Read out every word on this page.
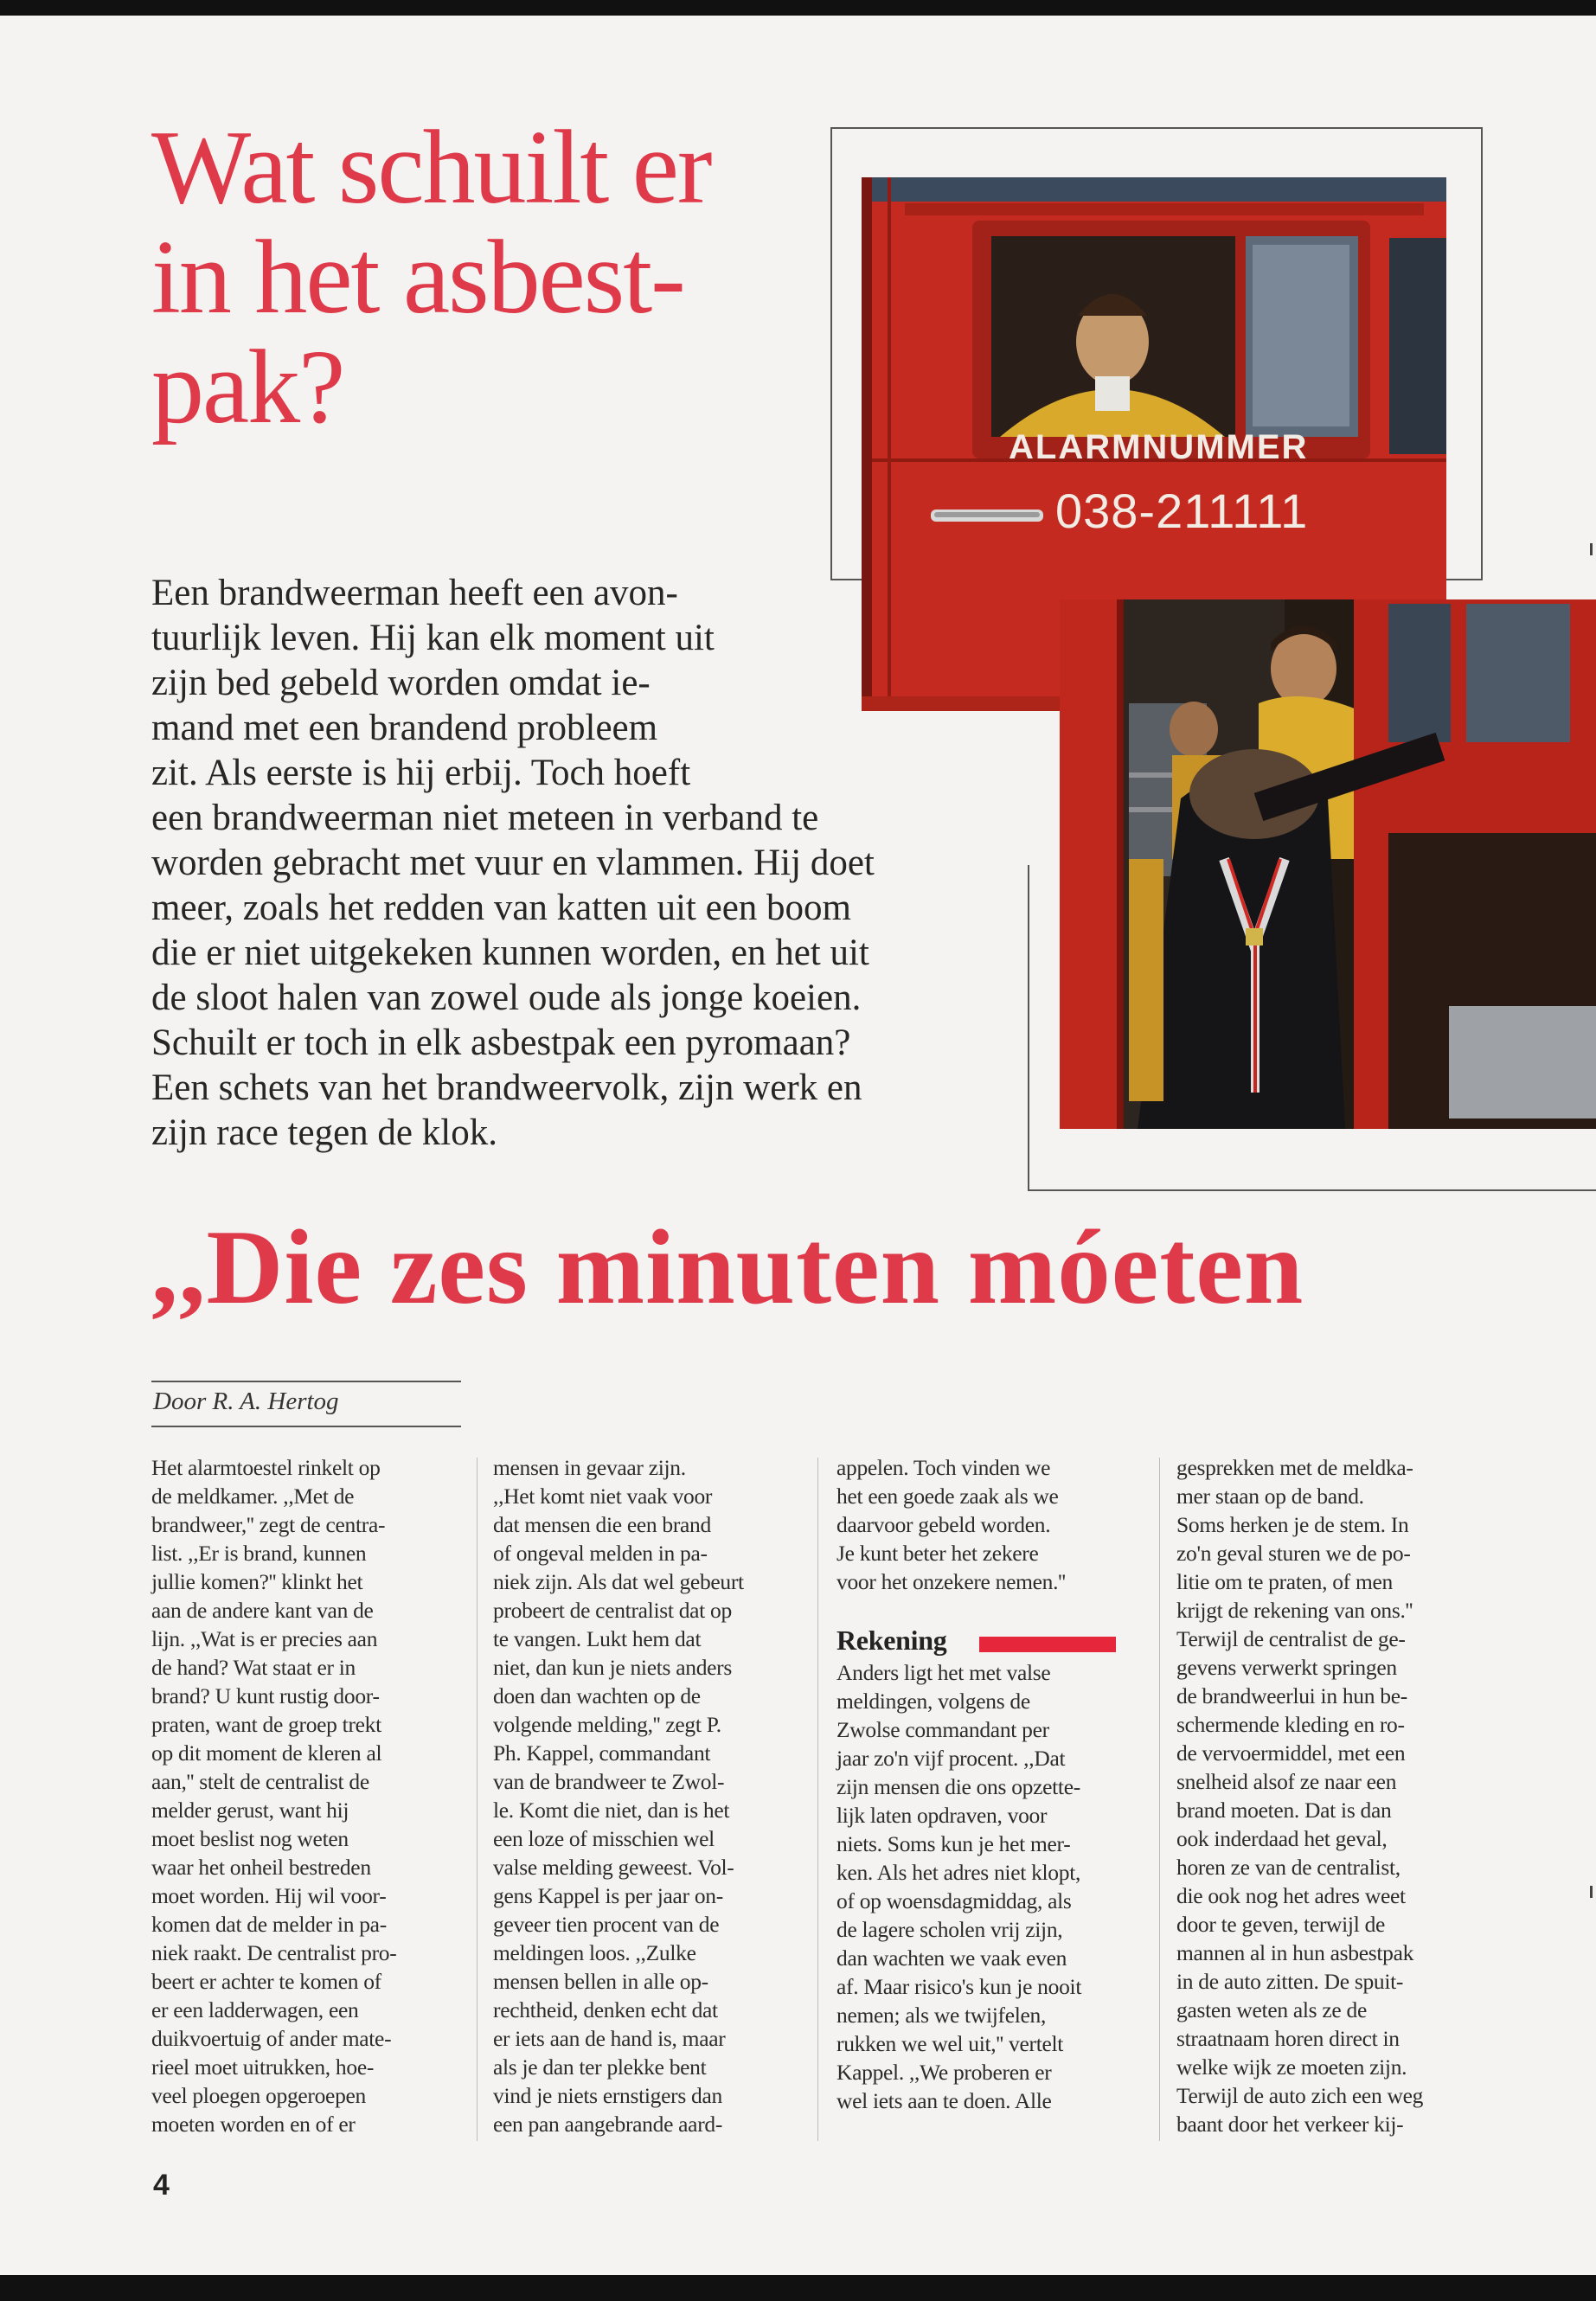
Wat schuilt er
in het asbest-
pak?
ALARMNUMMER
038-211111
Een brandweerman heeft een avon-
tuurlijk leven. Hij kan elk moment uit
zijn bed gebeld worden omdat ie-
mand met een brandend probleem
zit. Als eerste is hij erbij. Toch hoeft
een brandweerman niet meteen in verband te
worden gebracht met vuur en vlammen. Hij doet
meer, zoals het redden van katten uit een boom
die er niet uitgekeken kunnen worden, en het uit
de sloot halen van zowel oude als jonge koeien.
Schuilt er toch in elk asbestpak een pyromaan?
Een schets van het brandweervolk, zijn werk en
zijn race tegen de klok.
,,Die zes minuten móeten
Door R. A. Hertog
Het alarmtoestel rinkelt op
de meldkamer. ,,Met de
brandweer,'' zegt de centra-
list. ,,Er is brand, kunnen
jullie komen?'' klinkt het
aan de andere kant van de
lijn. ,,Wat is er precies aan
de hand? Wat staat er in
brand? U kunt rustig door-
praten, want de groep trekt
op dit moment de kleren al
aan,'' stelt de centralist de
melder gerust, want hij
moet beslist nog weten
waar het onheil bestreden
moet worden. Hij wil voor-
komen dat de melder in pa-
niek raakt. De centralist pro-
beert er achter te komen of
er een ladderwagen, een
duikvoertuig of ander mate-
rieel moet uitrukken, hoe-
veel ploegen opgeroepen
moeten worden en of er
mensen in gevaar zijn.
,,Het komt niet vaak voor
dat mensen die een brand
of ongeval melden in pa-
niek zijn. Als dat wel gebeurt
probeert de centralist dat op
te vangen. Lukt hem dat
niet, dan kun je niets anders
doen dan wachten op de
volgende melding,'' zegt P.
Ph. Kappel, commandant
van de brandweer te Zwol-
le. Komt die niet, dan is het
een loze of misschien wel
valse melding geweest. Vol-
gens Kappel is per jaar on-
geveer tien procent van de
meldingen loos. ,,Zulke
mensen bellen in alle op-
rechtheid, denken echt dat
er iets aan de hand is, maar
als je dan ter plekke bent
vind je niets ernstigers dan
een pan aangebrande aard-
appelen. Toch vinden we
het een goede zaak als we
daarvoor gebeld worden.
Je kunt beter het zekere
voor het onzekere nemen.''
Rekening
Anders ligt het met valse
meldingen, volgens de
Zwolse commandant per
jaar zo'n vijf procent. ,,Dat
zijn mensen die ons opzette-
lijk laten opdraven, voor
niets. Soms kun je het mer-
ken. Als het adres niet klopt,
of op woensdagmiddag, als
de lagere scholen vrij zijn,
dan wachten we vaak even
af. Maar risico's kun je nooit
nemen; als we twijfelen,
rukken we wel uit,'' vertelt
Kappel. ,,We proberen er
wel iets aan te doen. Alle
gesprekken met de meldka-
mer staan op de band.
Soms herken je de stem. In
zo'n geval sturen we de po-
litie om te praten, of men
krijgt de rekening van ons.''
Terwijl de centralist de ge-
gevens verwerkt springen
de brandweerlui in hun be-
schermende kleding en ro-
de vervoermiddel, met een
snelheid alsof ze naar een
brand moeten. Dat is dan
ook inderdaad het geval,
horen ze van de centralist,
die ook nog het adres weet
door te geven, terwijl de
mannen al in hun asbestpak
in de auto zitten. De spuit-
gasten weten als ze de
straatnaam horen direct in
welke wijk ze moeten zijn.
Terwijl de auto zich een weg
baant door het verkeer kij-
4
